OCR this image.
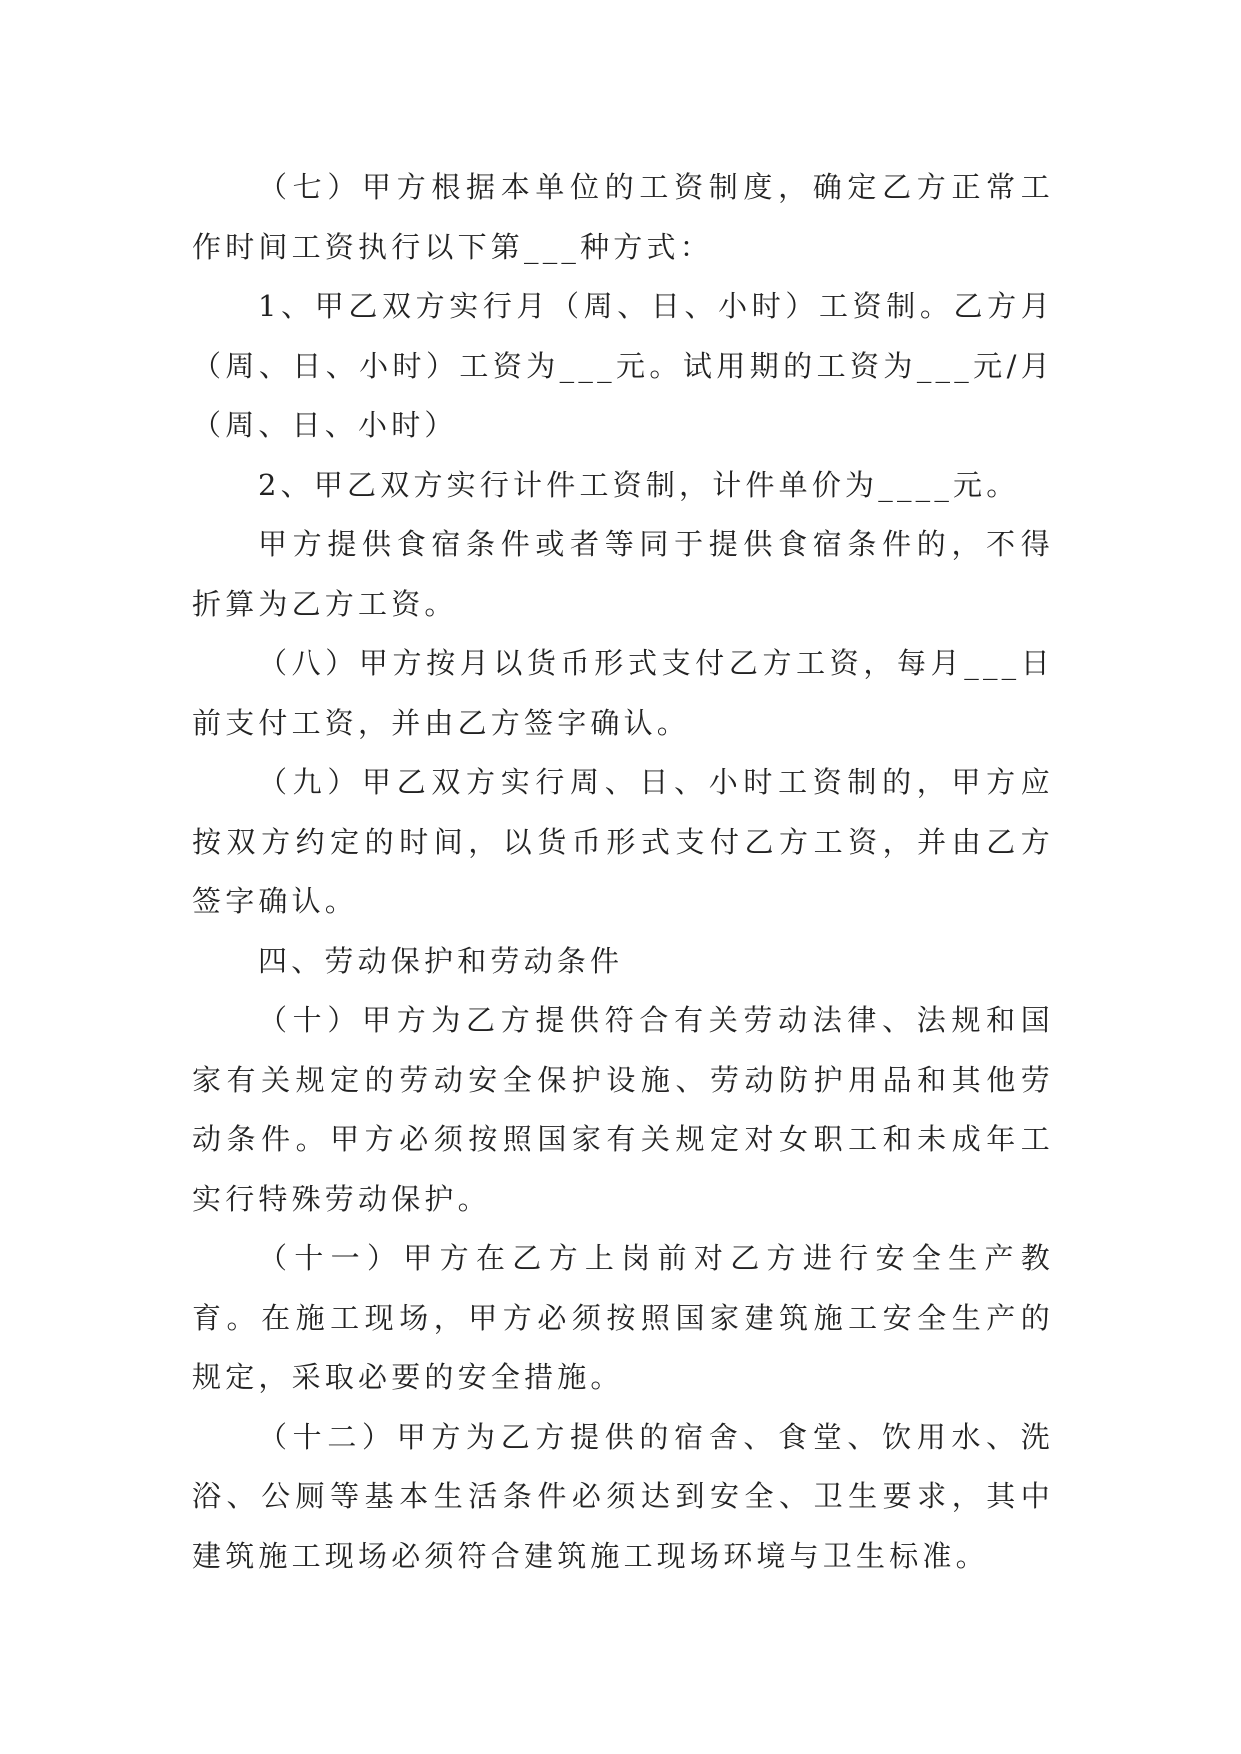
（七）甲方根据本单位的工资制度，确定乙方正常工作时间工资执行以下第___种方式：

1、甲乙双方实行月（周、日、小时）工资制。乙方月（周、日、小时）工资为___元。试用期的工资为___元/月（周、日、小时）

2、甲乙双方实行计件工资制，计件单价为____元。

甲方提供食宿条件或者等同于提供食宿条件的，不得折算为乙方工资。

（八）甲方按月以货币形式支付乙方工资，每月___日前支付工资，并由乙方签字确认。

（九）甲乙双方实行周、日、小时工资制的，甲方应按双方约定的时间，以货币形式支付乙方工资，并由乙方签字确认。

四、劳动保护和劳动条件

（十）甲方为乙方提供符合有关劳动法律、法规和国家有关规定的劳动安全保护设施、劳动防护用品和其他劳动条件。甲方必须按照国家有关规定对女职工和未成年工实行特殊劳动保护。

（十一）甲方在乙方上岗前对乙方进行安全生产教育。在施工现场，甲方必须按照国家建筑施工安全生产的规定，采取必要的安全措施。

（十二）甲方为乙方提供的宿舍、食堂、饮用水、洗浴、公厕等基本生活条件必须达到安全、卫生要求，其中建筑施工现场必须符合建筑施工现场环境与卫生标准。
